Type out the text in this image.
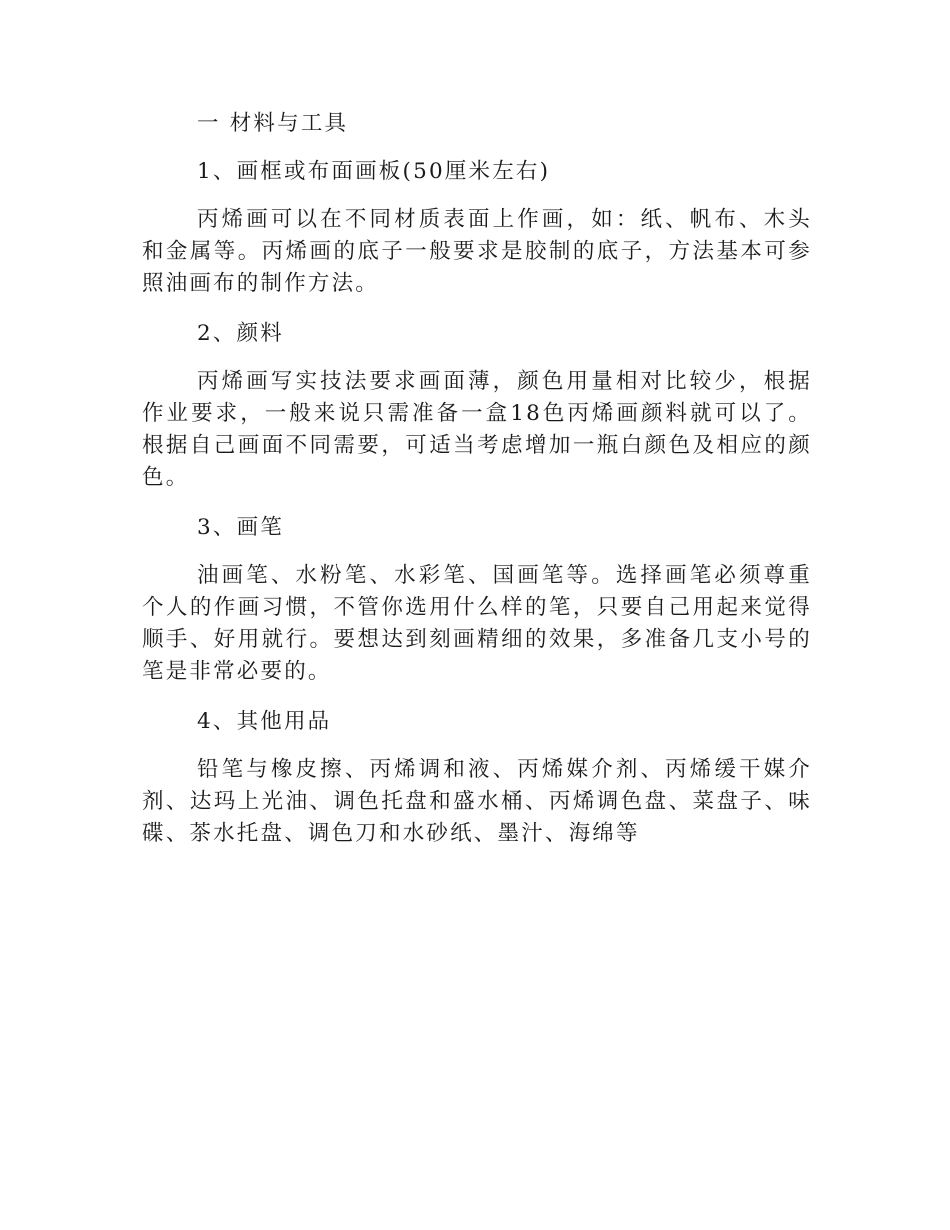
一 材料与工具

1、画框或布面画板(50厘米左右)

丙烯画可以在不同材质表面上作画，如：纸、帆布、木头和金属等。丙烯画的底子一般要求是胶制的底子，方法基本可参照油画布的制作方法。

2、颜料

丙烯画写实技法要求画面薄，颜色用量相对比较少，根据作业要求，一般来说只需准备一盒18色丙烯画颜料就可以了。根据自己画面不同需要，可适当考虑增加一瓶白颜色及相应的颜色。

3、画笔

油画笔、水粉笔、水彩笔、国画笔等。选择画笔必须尊重个人的作画习惯，不管你选用什么样的笔，只要自己用起来觉得顺手、好用就行。要想达到刻画精细的效果，多准备几支小号的笔是非常必要的。

4、其他用品

铅笔与橡皮擦、丙烯调和液、丙烯媒介剂、丙烯缓干媒介剂、达玛上光油、调色托盘和盛水桶、丙烯调色盘、菜盘子、味碟、茶水托盘、调色刀和水砂纸、墨汁、海绵等
